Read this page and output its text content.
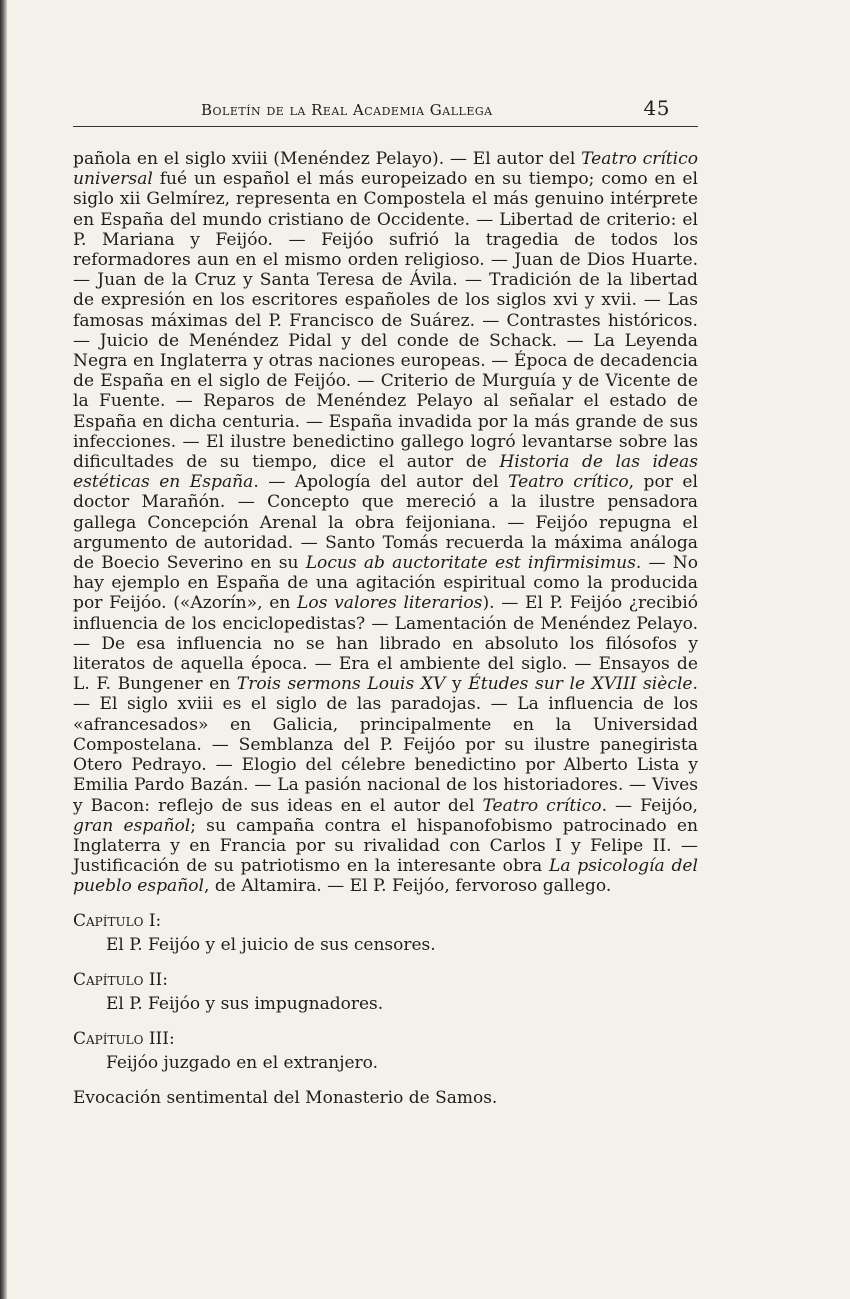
Boletín de la Real Academia Gallega	45
pañola en el siglo xviii (Menéndez Pelayo). — El autor del Teatro crítico universal fué un español el más europeizado en su tiempo; como en el siglo xii Gelmírez, representa en Compostela el más genuino intérprete en España del mundo cristiano de Occidente. — Libertad de criterio: el P. Mariana y Feijóo. — Feijóo sufrió la tragedia de todos los reformadores aun en el mismo orden religioso. — Juan de Dios Huarte. — Juan de la Cruz y Santa Teresa de Ávila. — Tradición de la libertad de expresión en los escritores españoles de los siglos xvi y xvii. — Las famosas máximas del P. Francisco de Suárez. — Contrastes históricos. — Juicio de Menéndez Pidal y del conde de Schack. — La Leyenda Negra en Inglaterra y otras naciones europeas. — Época de decadencia de España en el siglo de Feijóo. — Criterio de Murguía y de Vicente de la Fuente. — Reparos de Menéndez Pelayo al señalar el estado de España en dicha centuria. — España invadida por la más grande de sus infecciones. — El ilustre benedictino gallego logró levantarse sobre las dificultades de su tiempo, dice el autor de Historia de las ideas estéticas en España. — Apología del autor del Teatro crítico, por el doctor Marañón. — Concepto que mereció a la ilustre pensadora gallega Concepción Arenal la obra feijoniana. — Feijóo repugna el argumento de autoridad. — Santo Tomás recuerda la máxima análoga de Boecio Severino en su Locus ab auctoritate est infirmisimus. — No hay ejemplo en España de una agitación espiritual como la producida por Feijóo. («Azorín», en Los valores literarios). — El P. Feijóo ¿recibió influencia de los enciclopedistas? — Lamentación de Menéndez Pelayo. — De esa influencia no se han librado en absoluto los filósofos y literatos de aquella época. — Era el ambiente del siglo. — Ensayos de L. F. Bungener en Trois sermons Louis XV y Études sur le XVIII siècle. — El siglo xviii es el siglo de las paradojas. — La influencia de los «afrancesados» en Galicia, principalmente en la Universidad Compostelana. — Semblanza del P. Feijóo por su ilustre panegirista Otero Pedrayo. — Elogio del célebre benedictino por Alberto Lista y Emilia Pardo Bazán. — La pasión nacional de los historiadores. — Vives y Bacon: reflejo de sus ideas en el autor del Teatro crítico. — Feijóo, gran español; su campaña contra el hispanofobismo patrocinado en Inglaterra y en Francia por su rivalidad con Carlos I y Felipe II. — Justificación de su patriotismo en la interesante obra La psicología del pueblo español, de Altamira. — El P. Feijóo, fervoroso gallego.
Capítulo I:
El P. Feijóo y el juicio de sus censores.
Capítulo II:
El P. Feijóo y sus impugnadores.
Capítulo III:
Feijóo juzgado en el extranjero.
Evocación sentimental del Monasterio de Samos.
